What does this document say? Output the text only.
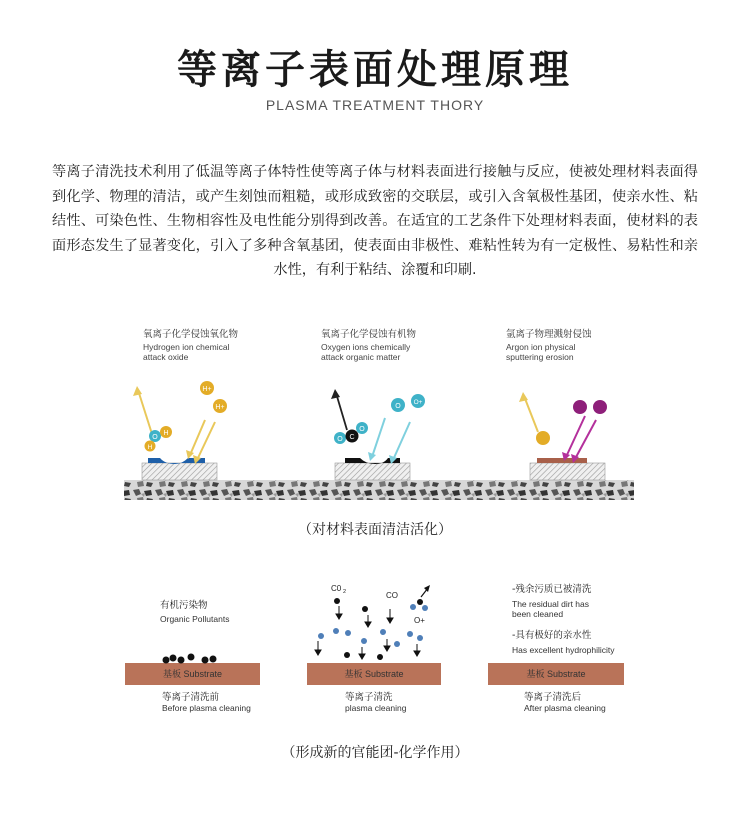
等离子表面处理原理
PLASMA TREATMENT THORY
等离子清洗技术利用了低温等离子体特性使等离子体与材料表面进行接触与反应，使被处理材料表面得到化学、物理的清洁，或产生刻蚀而粗糙，或形成致密的交联层，或引入含氧极性基团，使亲水性、粘结性、可染色性、生物相容性及电性能分别得到改善。在适宜的工艺条件下处理材料表面，使材料的表面形态发生了显著变化，引入了多种含氧基团，使表面由非极性、难粘性转为有一定极性、易粘性和亲水性，有利于粘结、涂覆和印刷.
氧离子化学侵蚀氧化物
Hydrogen ion chemical
attack oxide
氧离子化学侵蚀有机物
Oxygen ions chemically
attack organic matter
氩离子物理溅射侵蚀
Argon ion physical
sputtering erosion
H+
H+
O
H
H
O
O+
O C
O
（对材料表面清洁活化）
有机污染物
Organic Pollutants
-残余污质已被清洗
The residual dirt has
been cleaned
-具有极好的亲水性
Has excellent hydrophilicity
基板 Substrate	基板 Substrate	基板 Substrate
C0 2	CO
O+
等离子清洗前
Before plasma cleaning
等离子清洗
plasma cleaning
等离子清洗后
After plasma cleaning
（形成新的官能团-化学作用）
